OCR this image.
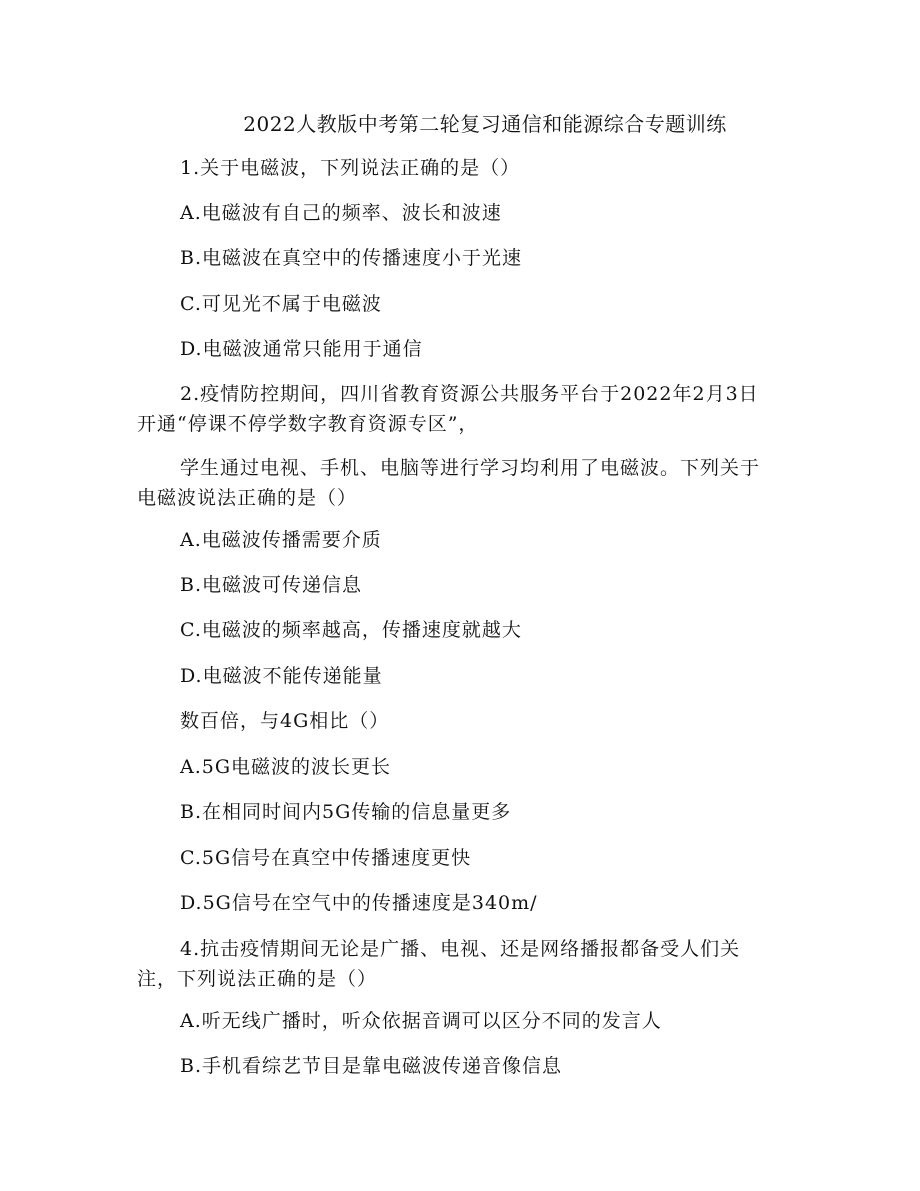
2022人教版中考第二轮复习通信和能源综合专题训练
1.关于电磁波，下列说法正确的是（）
A.电磁波有自己的频率、波长和波速
B.电磁波在真空中的传播速度小于光速
C.可见光不属于电磁波
D.电磁波通常只能用于通信
2.疫情防控期间，四川省教育资源公共服务平台于2022年2月3日开通“停课不停学数字教育资源专区”，
学生通过电视、手机、电脑等进行学习均利用了电磁波。下列关于电磁波说法正确的是（）
A.电磁波传播需要介质
B.电磁波可传递信息
C.电磁波的频率越高，传播速度就越大
D.电磁波不能传递能量
数百倍，与4G相比（）
A.5G电磁波的波长更长
B.在相同时间内5G传输的信息量更多
C.5G信号在真空中传播速度更快
D.5G信号在空气中的传播速度是340m/
4.抗击疫情期间无论是广播、电视、还是网络播报都备受人们关注，下列说法正确的是（）
A.听无线广播时，听众依据音调可以区分不同的发言人
B.手机看综艺节目是靠电磁波传递音像信息
